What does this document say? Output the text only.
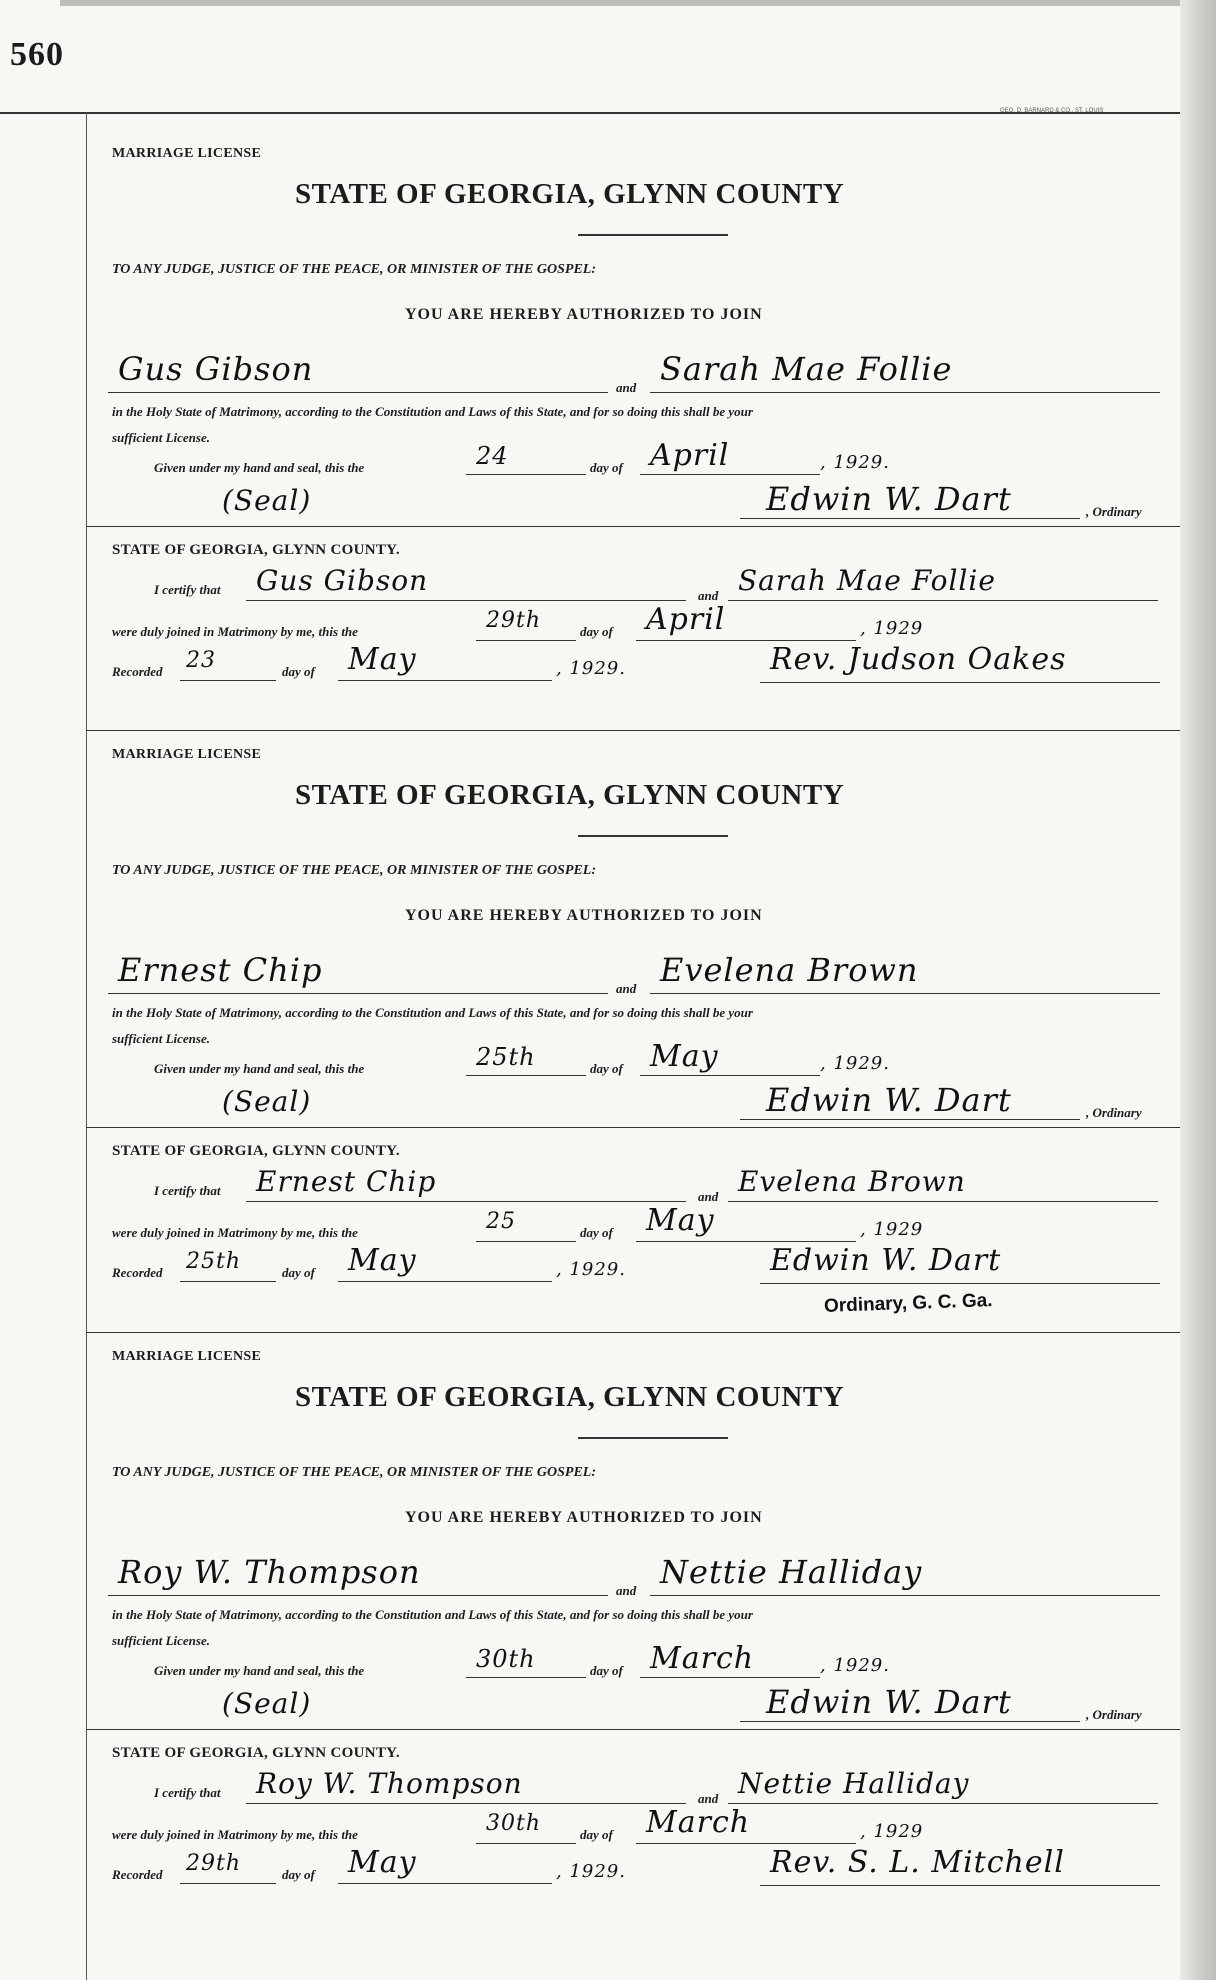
560
GEO. D. BARNARD & CO., ST. LOUIS
MARRIAGE LICENSE
STATE OF GEORGIA, GLYNN COUNTY
TO ANY JUDGE, JUSTICE OF THE PEACE, OR MINISTER OF THE GOSPEL:
YOU ARE HEREBY AUTHORIZED TO JOIN
Gus Gibson	and Sarah Mae Follie
in the Holy State of Matrimony, according to the Constitution and Laws of this State, and for so doing this shall be your
sufficient License.
Given under my hand and seal, this the	24	day of April	, 1929.
(Seal)	Edwin W. Dart	, Ordinary
STATE OF GEORGIA, GLYNN COUNTY.
I certify that Gus Gibson	and Sarah Mae Follie
were duly joined in Matrimony by me, this the	29th	day of April	, 1929
Recorded 23	day of May	, 1929.	Rev. Judson Oakes
MARRIAGE LICENSE
STATE OF GEORGIA, GLYNN COUNTY
TO ANY JUDGE, JUSTICE OF THE PEACE, OR MINISTER OF THE GOSPEL:
YOU ARE HEREBY AUTHORIZED TO JOIN
Ernest Chip	and Evelena Brown
in the Holy State of Matrimony, according to the Constitution and Laws of this State, and for so doing this shall be your
sufficient License.
Given under my hand and seal, this the	25th	day of May	, 1929.
(Seal)	Edwin W. Dart	, Ordinary
STATE OF GEORGIA, GLYNN COUNTY.
I certify that Ernest Chip	and Evelena Brown
were duly joined in Matrimony by me, this the	25	day of May	, 1929
Recorded 25th	day of May	, 1929.	Edwin W. Dart
Ordinary, G. C. Ga.
MARRIAGE LICENSE
STATE OF GEORGIA, GLYNN COUNTY
TO ANY JUDGE, JUSTICE OF THE PEACE, OR MINISTER OF THE GOSPEL:
YOU ARE HEREBY AUTHORIZED TO JOIN
Roy W. Thompson	and Nettie Halliday
in the Holy State of Matrimony, according to the Constitution and Laws of this State, and for so doing this shall be your
sufficient License.
Given under my hand and seal, this the	30th	day of March	, 1929.
(Seal)	Edwin W. Dart	, Ordinary
STATE OF GEORGIA, GLYNN COUNTY.
I certify that Roy W. Thompson	and Nettie Halliday
were duly joined in Matrimony by me, this the	30th	day of March	, 1929
Recorded 29th	day of May	, 1929.	Rev. S. L. Mitchell
